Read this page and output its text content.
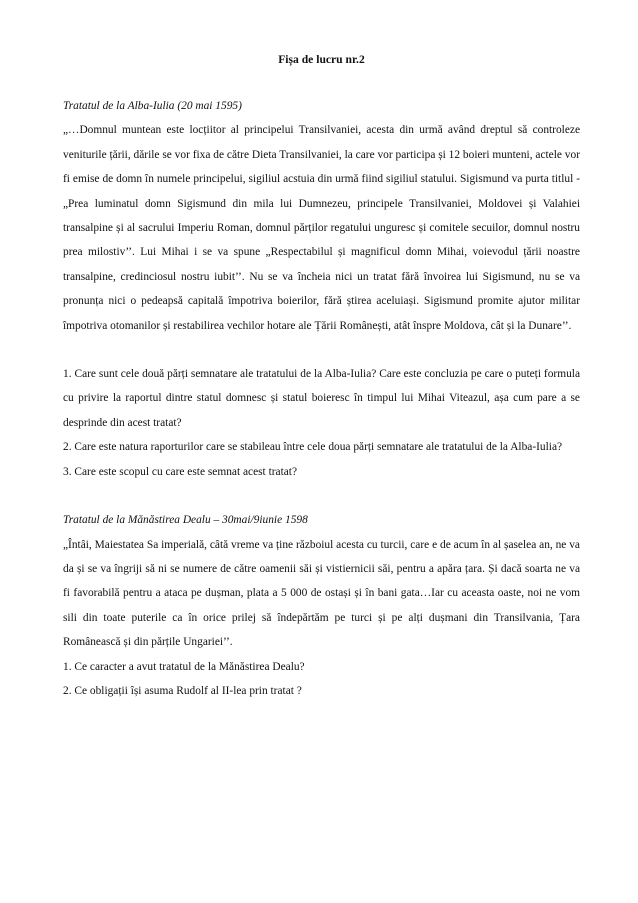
Fișa de lucru nr.2
Tratatul de la Alba-Iulia (20 mai 1595)

„…Domnul muntean este locțiitor al principelui Transilvaniei, acesta din urmă având dreptul să controleze veniturile țării, dările se vor fixa de către Dieta Transilvaniei, la care vor participa și 12 boieri munteni, actele vor fi emise de domn în numele principelui, sigiliul acstuia din urmă fiind sigiliul statului. Sigismund va purta titlul -„Prea luminatul domn Sigismund din mila lui Dumnezeu, principele Transilvaniei, Moldovei și Valahiei transalpine și al sacrului Imperiu Roman, domnul părților regatului unguresc și comitele secuilor, domnul nostru prea milostiv’’. Lui Mihai i se va spune „Respectabilul și magnificul domn Mihai, voievodul țării noastre transalpine, credinciosul nostru iubit’’. Nu se va încheia nici un tratat fără învoirea lui Sigismund, nu se va pronunța nici o pedeapsă capitală împotriva boierilor, fără știrea aceluiași. Sigismund promite ajutor militar împotriva otomanilor și restabilirea vechilor hotare ale Țării Românești, atât înspre Moldova, cât și la Dunare’’.

1. Care sunt cele două părți semnatare ale tratatului de la Alba-Iulia? Care este concluzia pe care o puteți formula cu privire la raportul dintre statul domnesc și statul boieresc în timpul lui Mihai Viteazul, așa cum pare a se desprinde din acest tratat?

2. Care este natura raporturilor care se stabileau între cele doua părți semnatare ale tratatului de la Alba-Iulia?

3. Care este scopul cu care este semnat acest tratat?

Tratatul de la Mănăstirea Dealu – 30mai/9iunie 1598

„Întâi, Maiestatea Sa imperială, câtă vreme va ține războiul acesta cu turcii, care e de acum în al șaselea an, ne va da și se va îngriji să ni se numere de către oamenii săi și vistiernicii săi, pentru a apăra țara. Și dacă soarta ne va fi favorabilă pentru a ataca pe dușman, plata a 5 000 de ostași și în bani gata…Iar cu aceasta oaste, noi ne vom sili din toate puterile ca în orice prilej să îndepărtăm pe turci și pe alți dușmani din Transilvania, Țara Românească și din părțile Ungariei’’.

1. Ce caracter a avut tratatul de la Mănăstirea Dealu?

2. Ce obligații își asuma Rudolf al II-lea prin tratat ?
